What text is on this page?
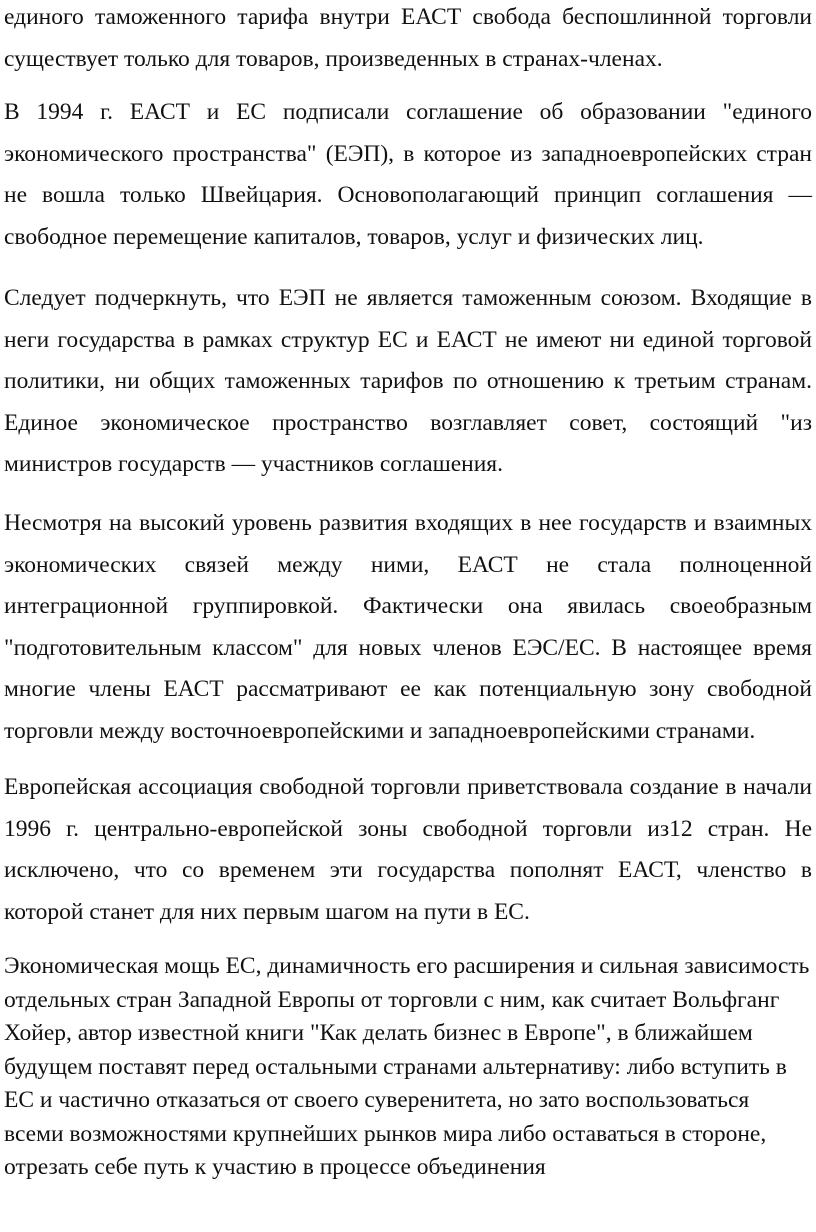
единого таможенного тарифа внутри ЕАСТ свобода беспошлинной торговли существует только для товаров, произведенных в странах-членах.

В 1994 г. ЕАСТ и ЕС подписали соглашение об образовании "единого экономического пространства" (ЕЭП), в которое из западноевропейских стран не вошла только Швейцария. Основополагающий принцип соглашения — свободное перемещение капиталов, товаров, услуг и физических лиц.

Следует подчеркнуть, что ЕЭП не является таможенным союзом. Входящие в неги государства в рамках структур ЕС и ЕАСТ не имеют ни единой торговой политики, ни общих таможенных тарифов по отношению к третьим странам. Единое экономическое пространство возглавляет совет, состоящий "из министров государств — участников соглашения.

Несмотря на высокий уровень развития входящих в нее государств и взаимных экономических связей между ними, ЕАСТ не стала полноценной интеграционной группировкой. Фактически она явилась своеобразным "подготовительным классом" для новых членов ЕЭС/ЕС. В настоящее время многие члены ЕАСТ рассматривают ее как потенциальную зону свободной торговли между восточноевропейскими и западноевропейскими странами.

Европейская ассоциация свободной торговли приветствовала создание в начали 1996 г. центрально-европейской зоны свободной торговли из12 стран. Не исключено, что со временем эти государства пополнят ЕАСТ, членство в которой станет для них первым шагом на пути в ЕС.

Экономическая мощь ЕС, динамичность его расширения и сильная зависимость отдельных стран Западной Европы от торговли с ним, как считает Вольфганг Хойер, автор известной книги "Как делать бизнес в Европе", в ближайшем будущем поставят перед остальными странами альтернативу: либо вступить в ЕС и частично отказаться от своего суверенитета, но зато воспользоваться всеми возможностями крупнейших рынков мира либо оставаться в стороне, отрезать себе путь к участию в процессе объединения
